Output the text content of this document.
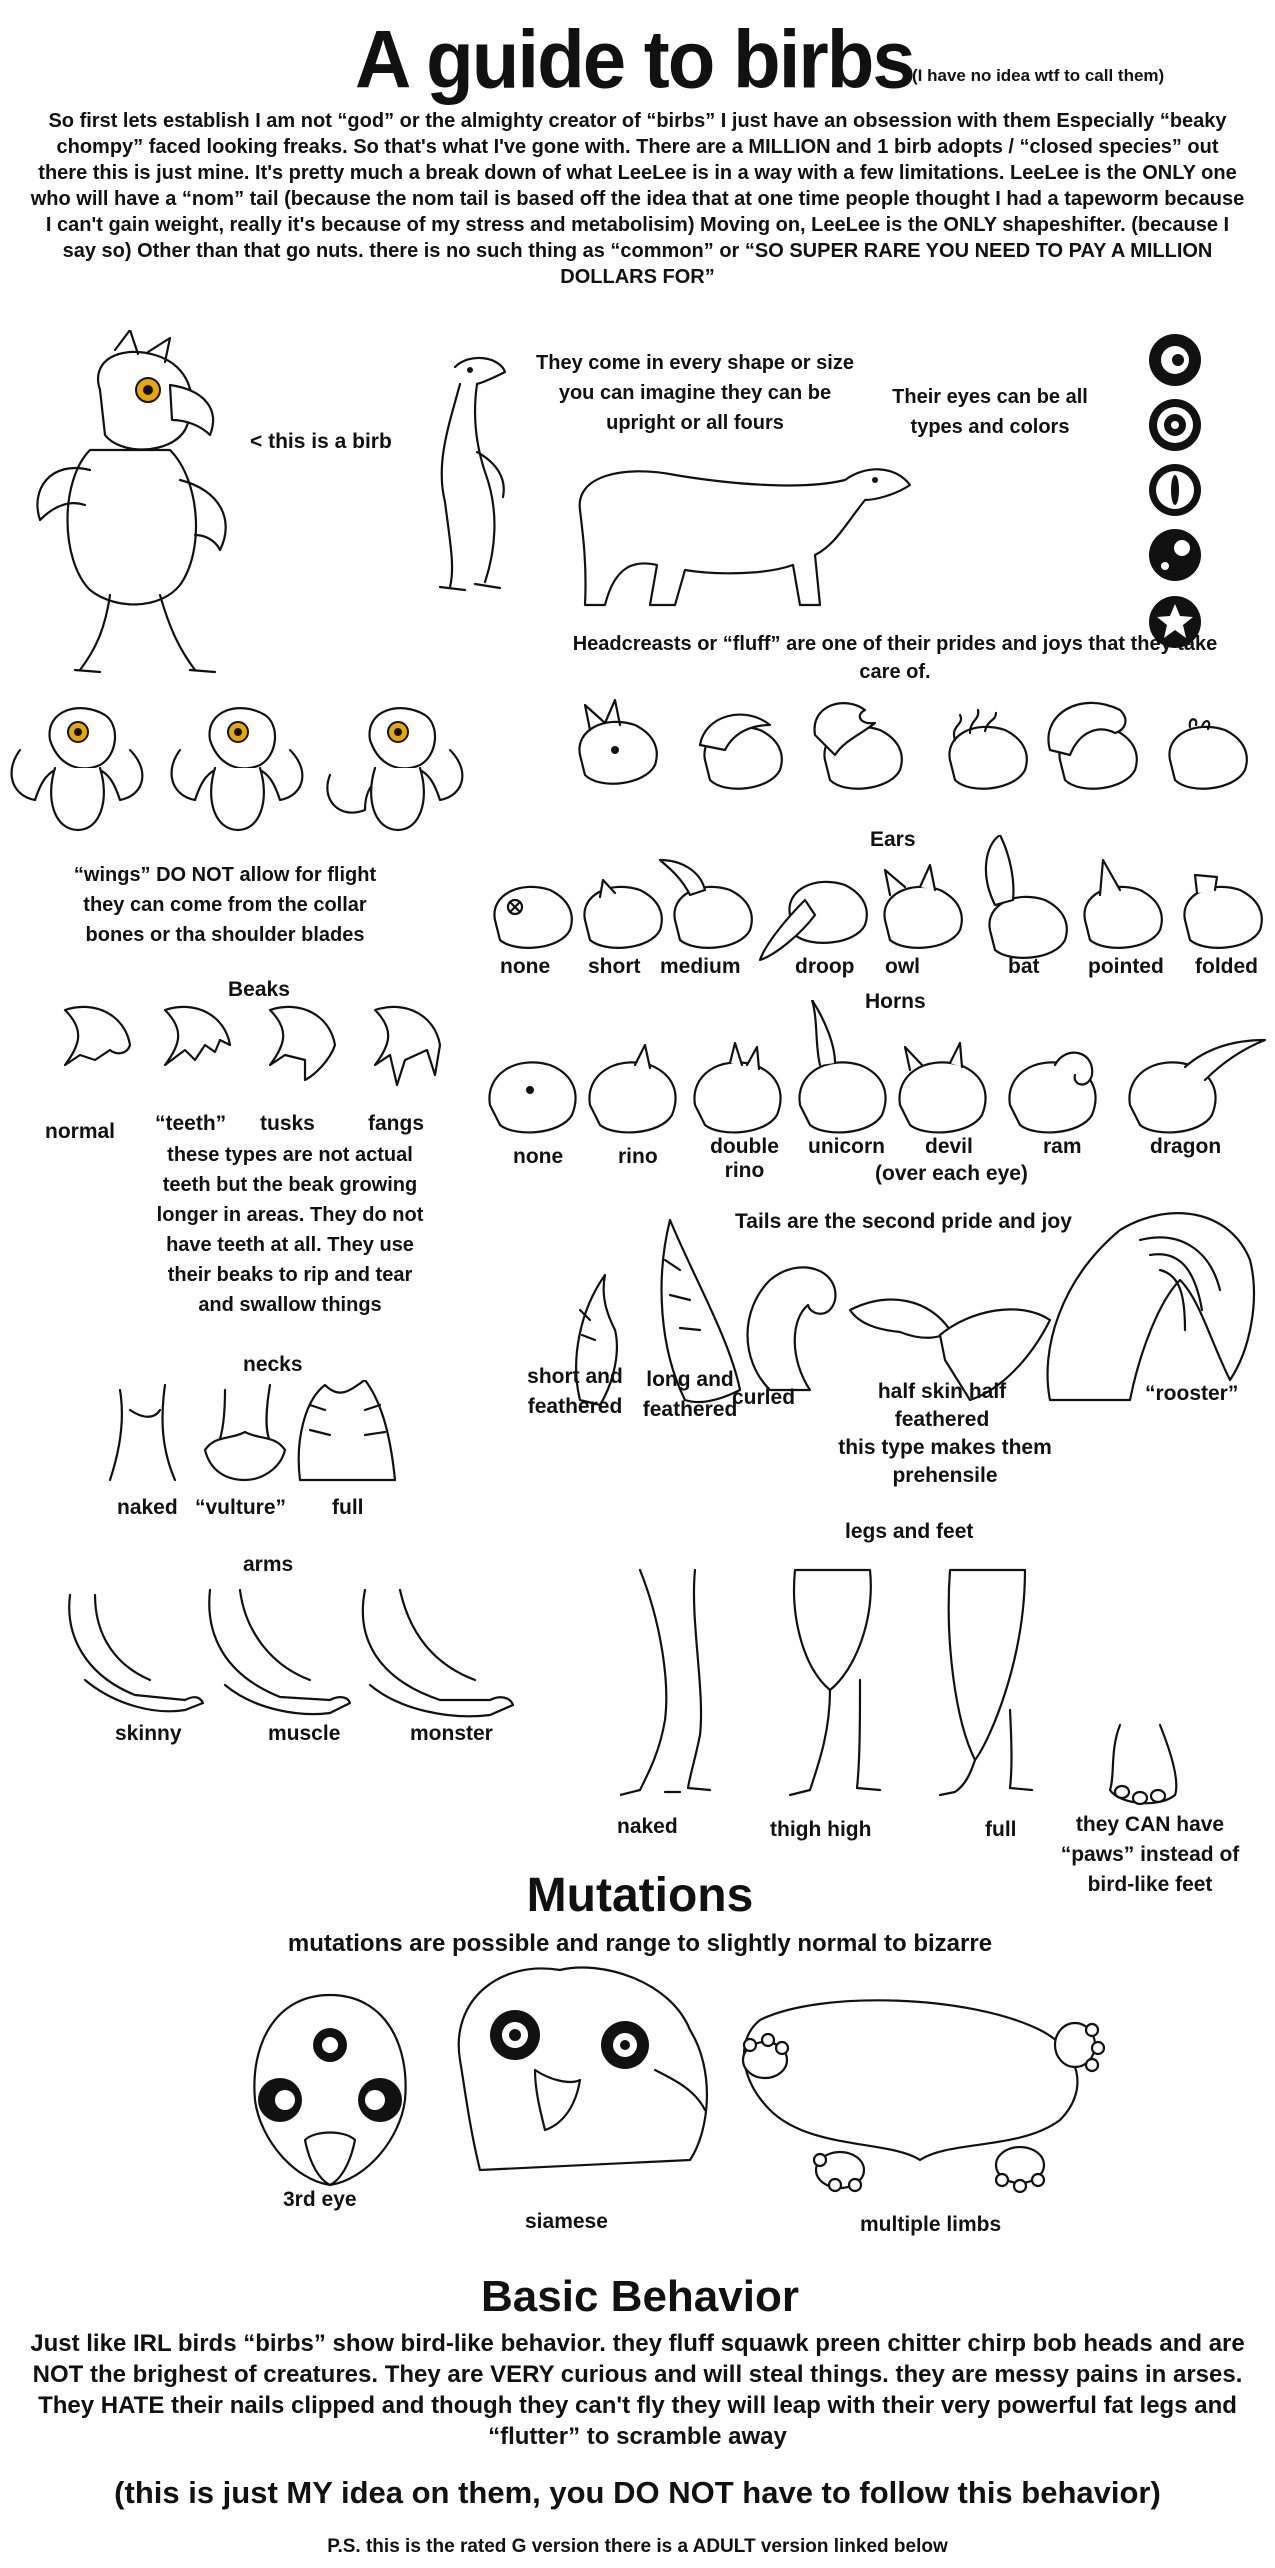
A guide to birbs
(I have no idea wtf to call them)
So first lets establish I am not “god” or the almighty creator of “birbs” I just have an obsession with them Especially “beaky chompy” faced looking freaks. So that's what I've gone with. There are a MILLION and 1 birb adopts / “closed species” out there this is just mine. It's pretty much a break down of what LeeLee is in a way with a few limitations. LeeLee is the ONLY one who will have a “nom” tail (because the nom tail is based off the idea that at one time people thought I had a tapeworm because I can't gain weight, really it's because of my stress and metabolisim) Moving on, LeeLee is the ONLY shapeshifter. (because I say so) Other than that go nuts. there is no such thing as “common” or “SO SUPER RARE YOU NEED TO PAY A MILLION DOLLARS FOR”
< this is a birb
They come in every shape or size you can imagine they can be upright or all fours
Their eyes can be all types and colors
Headcreasts or “fluff” are one of their prides and joys that they take care of.
“wings” DO NOT allow for flight they can come from the collar bones or tha shoulder blades
Ears
none short medium	droop owl	bat pointed folded
Beaks
normal “teeth” tusks	fangs
these types are not actual teeth but the beak growing longer in areas. They do not have teeth at all. They use their beaks to rip and tear and swallow things
Horns
none	rino double rino
unicorn devil
(over each eye)
ram	dragon
Tails are the second pride and joy
short and feathered
long and feathered
curled	half skin half feathered
this type makes them prehensile
“rooster”
necks
naked “vulture” full
arms
skinny	muscle	monster
legs and feet
naked	thigh high	full	they CAN have “paws” instead of bird-like feet
Mutations
mutations are possible and range to slightly normal to bizarre
3rd eye
siamese	multiple limbs
Basic Behavior
Just like IRL birds “birbs” show bird-like behavior. they fluff squawk preen chitter chirp bob heads and are NOT the brighest of creatures. They are VERY curious and will steal things. they are messy pains in arses. They HATE their nails clipped and though they can't fly they will leap with their very powerful fat legs and “flutter” to scramble away
(this is just MY idea on them, you DO NOT have to follow this behavior)
P.S. this is the rated G version there is a ADULT version linked below
